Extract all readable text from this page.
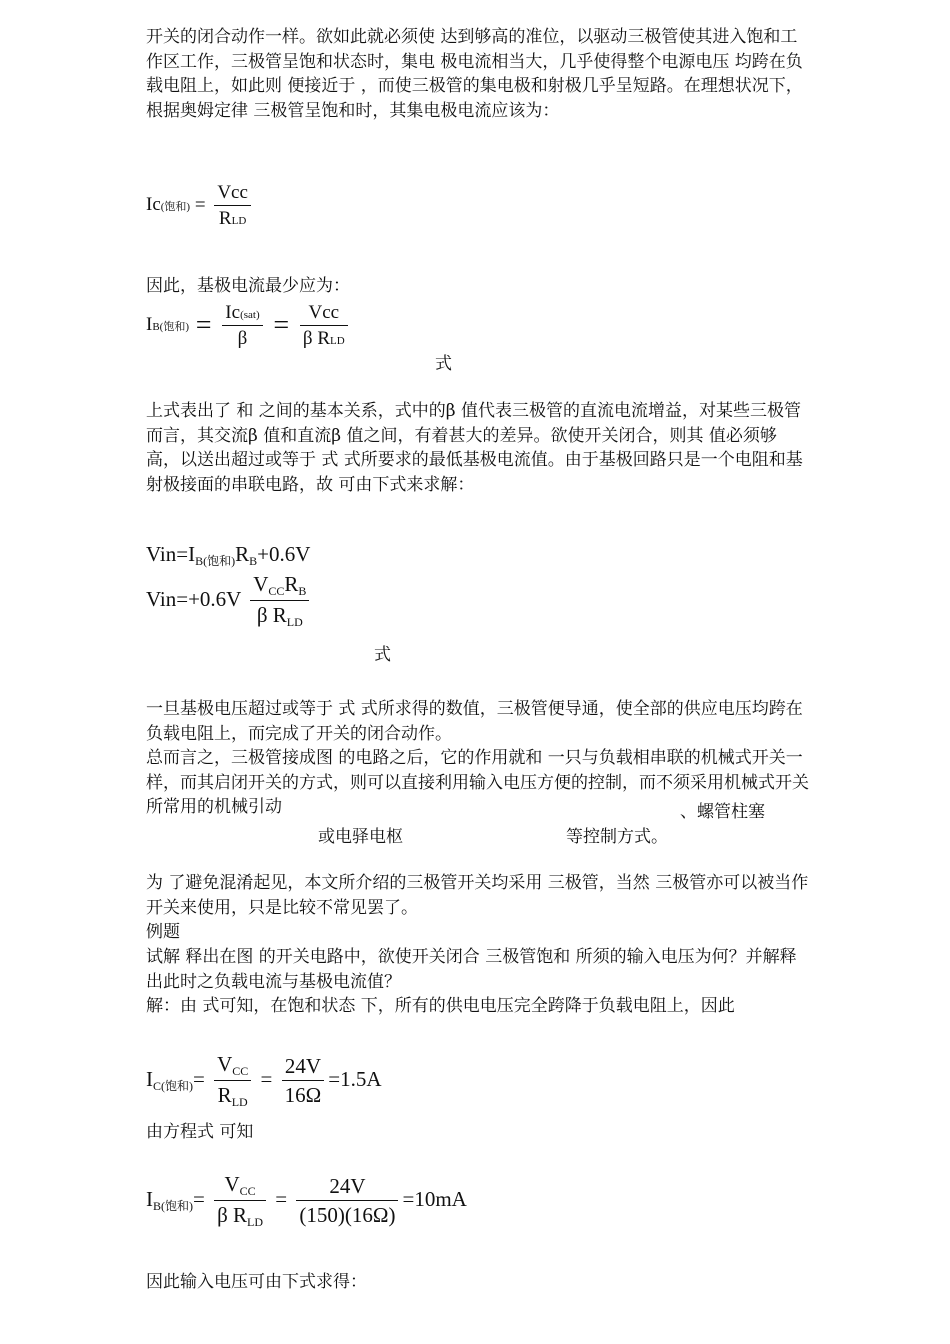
开关的闭合动作一样。欲如此就必须使 达到够高的准位，以驱动三极管使其进入饱和工作区工作，三极管呈饱和状态时，集电 极电流相当大，几乎使得整个电源电压 均跨在负载电阻上，如此则 便接近于 ，而使三极管的集电极和射极几乎呈短路。在理想状况下，根据奥姆定律 三极管呈饱和时，其集电极电流应该为：

Ic(饱和) = $\frac{\text{Vcc}}{\text{RLD}}$

因此，基极电流最少应为：

IB(饱和) = $\frac{\text{Ic(sat)}}{\beta} = \frac{\text{Vcc}}{\text{β RLD}}$
式

上式表出了 和 之间的基本关系，式中的β 值代表三极管的直流电流增益，对某些三极管 而言，其交流β 值和直流β 值之间，有着甚大的差异。欲使开关闭合，则其 值必须够高，以送出超过或等于 式 式所要求的最低基极电流值。由于基极回路只是一个电阻和基射极接面的串联电路，故 可由下式来求解：

$Vin=I_{B(饱和)}R_B+0.6V$
$Vin=+0.6V \frac{V_{CC}R_B}{\beta R_{LD}}$
式

一旦基极电压超过或等于 式 式所求得的数值，三极管便导通，使全部的供应电压均跨在负载电阻上，而完成了开关的闭合动作。

总而言之，三极管接成图 的电路之后，它的作用就和 一只与负载相串联的机械式开关一样，而其启闭开关的方式，则可以直接利用输入电压方便的控制，而不须采用机械式开关所常用的机械引动	、螺管柱塞
或电驿电枢	等控制方式。

为 了避免混淆起见，本文所介绍的三极管开关均采用 三极管，当然 三极管亦可以被当作开关来使用，只是比较不常见罢了。

例题

试解 释出在图 的开关电路中，欲使开关闭合 三极管饱和 所须的输入电压为何？并解释出此时之负载电流与基极电流值？

解：由 式可知，在饱和状态 下，所有的供电电压完全跨降于负载电阻上，因此

$I_{C(饱和)}= \frac{V_{CC}}{R_{LD}} = \frac{24V}{16\Omega} =1.5A$

由方程式 可知

$I_{B(饱和)}= \frac{V_{CC}}{\beta R_{LD}} = \frac{24V}{(150)(16\Omega)} =10mA$

因此输入电压可由下式求得：
